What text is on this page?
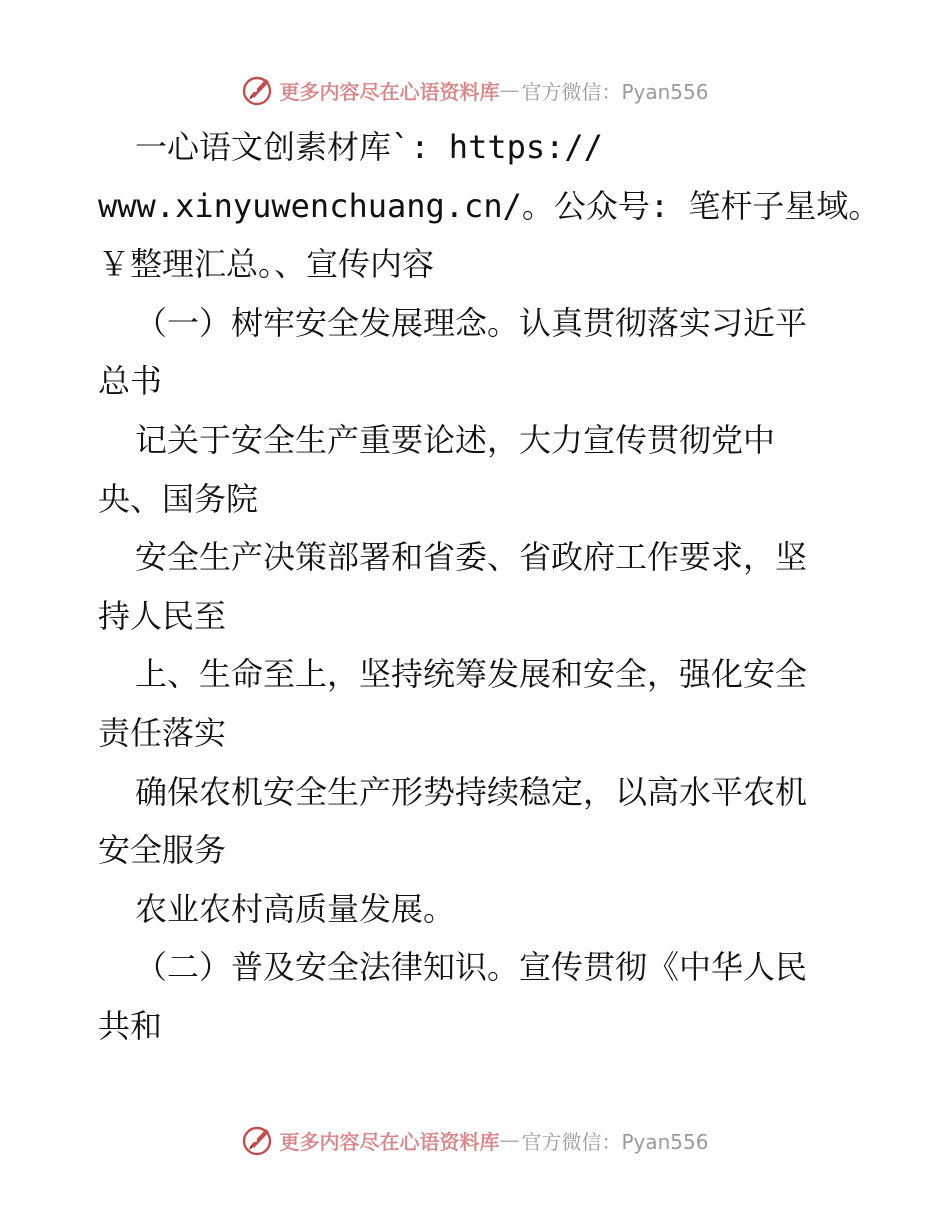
更多内容尽在心语资料库 — 官方微信：Pyan556
一心语文创素材库`: https://
www.xinyuwenchuang.cn/。公众号: 笔杆子星域。
￥整理汇总。、宣传内容
（一）树牢安全发展理念。认真贯彻落实习近平
总书
记关于安全生产重要论述，大力宣传贯彻党中
央、国务院
安全生产决策部署和省委、省政府工作要求，坚
持人民至
上、生命至上，坚持统筹发展和安全，强化安全
责任落实
确保农机安全生产形势持续稳定，以高水平农机
安全服务
农业农村高质量发展。
（二）普及安全法律知识。宣传贯彻《中华人民
共和
更多内容尽在心语资料库 — 官方微信：Pyan556
